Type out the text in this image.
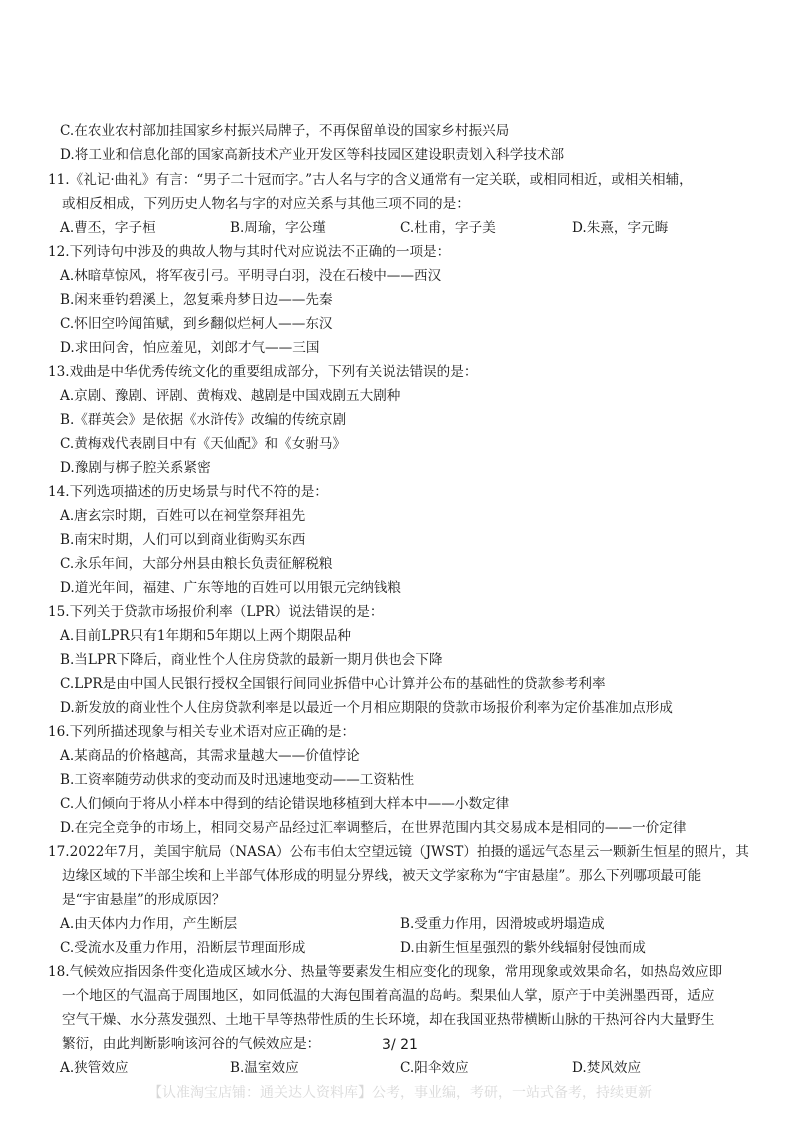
C.在农业农村部加挂国家乡村振兴局牌子，不再保留单设的国家乡村振兴局
D.将工业和信息化部的国家高新技术产业开发区等科技园区建设职责划入科学技术部
11.《礼记·曲礼》有言：“男子二十冠而字。”古人名与字的含义通常有一定关联，或相同相近，或相关相辅，
或相反相成，下列历史人物名与字的对应关系与其他三项不同的是：
12.下列诗句中涉及的典故人物与其时代对应说法不正确的一项是：
A.林暗草惊风，将军夜引弓。平明寻白羽，没在石棱中——西汉
B.闲来垂钓碧溪上，忽复乘舟梦日边——先秦
C.怀旧空吟闻笛赋，到乡翻似烂柯人——东汉
D.求田问舍，怕应羞见，刘郎才气——三国
13.戏曲是中华优秀传统文化的重要组成部分，下列有关说法错误的是：
A.京剧、豫剧、评剧、黄梅戏、越剧是中国戏剧五大剧种
B.《群英会》是依据《水浒传》改编的传统京剧
C.黄梅戏代表剧目中有《天仙配》和《女驸马》
D.豫剧与梆子腔关系紧密
14.下列选项描述的历史场景与时代不符的是：
A.唐玄宗时期，百姓可以在祠堂祭拜祖先
B.南宋时期，人们可以到商业街购买东西
C.永乐年间，大部分州县由粮长负责征解税粮
D.道光年间，福建、广东等地的百姓可以用银元完纳钱粮
15.下列关于贷款市场报价利率（LPR）说法错误的是：
A.目前LPR只有1年期和5年期以上两个期限品种
B.当LPR下降后，商业性个人住房贷款的最新一期月供也会下降
C.LPR是由中国人民银行授权全国银行间同业拆借中心计算并公布的基础性的贷款参考利率
D.新发放的商业性个人住房贷款利率是以最近一个月相应期限的贷款市场报价利率为定价基准加点形成
16.下列所描述现象与相关专业术语对应正确的是：
A.某商品的价格越高，其需求量越大——价值悖论
B.工资率随劳动供求的变动而及时迅速地变动——工资粘性
C.人们倾向于将从小样本中得到的结论错误地移植到大样本中——小数定律
D.在完全竞争的市场上，相同交易产品经过汇率调整后，在世界范围内其交易成本是相同的——一价定律
17.2022年7月，美国宇航局（NASA）公布韦伯太空望远镜（JWST）拍摄的遥远气态星云一颗新生恒星的照片，其
边缘区域的下半部尘埃和上半部气体形成的明显分界线，被天文学家称为“宇宙悬崖”。那么下列哪项最可能
是“宇宙悬崖”的形成原因？
18.气候效应指因条件变化造成区域水分、热量等要素发生相应变化的现象，常用现象或效果命名，如热岛效应即
一个地区的气温高于周围地区，如同低温的大海包围着高温的岛屿。梨果仙人掌，原产于中美洲墨西哥，适应
空气干燥、水分蒸发强烈、土地干旱等热带性质的生长环境，却在我国亚热带横断山脉的干热河谷内大量野生
繁衍，由此判断影响该河谷的气候效应是：
A.曹丕，字子桓	B.周瑜，字公瑾	C.杜甫，字子美	D.朱熹，字元晦
A.由天体内力作用，产生断层	B.受重力作用，因滑坡或坍塌造成
C.受流水及重力作用，沿断层节理面形成	D.由新生恒星强烈的紫外线辐射侵蚀而成
A.狭管效应	B.温室效应	C.阳伞效应	D.焚风效应
3/ 21
【认准淘宝店铺：通关达人资料库】公考，事业编，考研，一站式备考，持续更新
